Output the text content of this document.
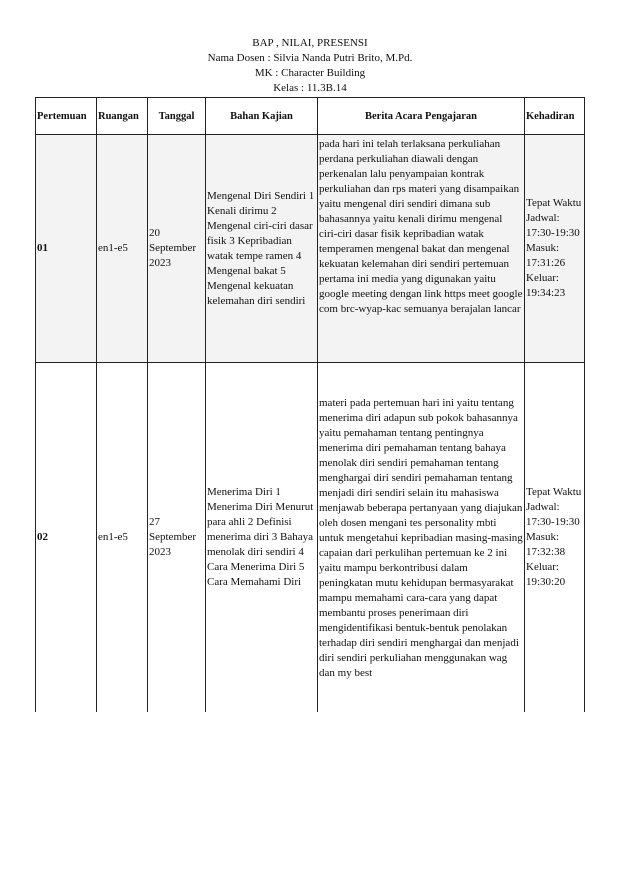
BAP , NILAI, PRESENSI
Nama Dosen : Silvia Nanda Putri Brito, M.Pd.
MK : Character Building
Kelas : 11.3B.14
Pertemuan	Ruangan	Tanggal	Bahan Kajian	Berita Acara Pengajaran	Kehadiran
01	en1-e5	20 September 2023	Mengenal Diri Sendiri 1 Kenali dirimu 2 Mengenal ciri-ciri dasar fisik 3 Kepribadian watak tempe ramen 4 Mengenal bakat 5 Mengenal kekuatan kelemahan diri sendiri	pada hari ini telah terlaksana perkuliahan perdana perkuliahan diawali dengan perkenalan lalu penyampaian kontrak perkuliahan dan rps materi yang disampaikan yaitu mengenal diri sendiri dimana sub bahasannya yaitu kenali dirimu mengenal ciri-ciri dasar fisik kepribadian watak temperamen mengenal bakat dan mengenal kekuatan kelemahan diri sendiri pertemuan pertama ini media yang digunakan yaitu google meeting dengan link https meet google com brc-wyap-kac semuanya berajalan lancar	Tepat Waktu Jadwal: 17:30-19:30 Masuk: 17:31:26 Keluar: 19:34:23
02	en1-e5	27 September 2023	Menerima Diri 1 Menerima Diri Menurut para ahli 2 Definisi menerima diri 3 Bahaya menolak diri sendiri 4 Cara Menerima Diri 5 Cara Memahami Diri	materi pada pertemuan hari ini yaitu tentang menerima diri adapun sub pokok bahasannya yaitu pemahaman tentang pentingnya menerima diri pemahaman tentang bahaya menolak diri sendiri pemahaman tentang menghargai diri sendiri pemahaman tentang menjadi diri sendiri selain itu mahasiswa menjawab beberapa pertanyaan yang diajukan oleh dosen mengani tes personality mbti untuk mengetahui kepribadian masing-masing capaian dari perkulihan pertemuan ke 2 ini yaitu mampu berkontribusi dalam peningkatan mutu kehidupan bermasyarakat mampu memahami cara-cara yang dapat membantu proses penerimaan diri mengidentifikasi bentuk-bentuk penolakan terhadap diri sendiri menghargai dan menjadi diri sendiri perkuliahan menggunakan wag dan my best	Tepat Waktu Jadwal: 17:30-19:30 Masuk: 17:32:38 Keluar: 19:30:20
